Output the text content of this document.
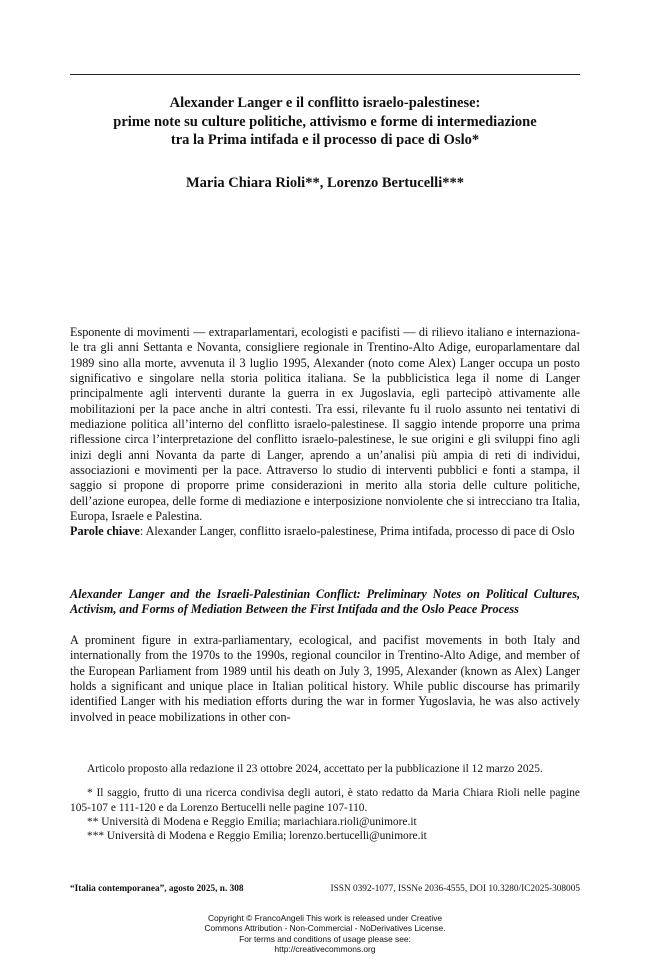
Alexander Langer e il conflitto israelo-palestinese:
prime note su culture politiche, attivismo e forme di intermediazione
tra la Prima intifada e il processo di pace di Oslo*
Maria Chiara Rioli**, Lorenzo Bertucelli***

Esponente di movimenti — extraparlamentari, ecologisti e pacifisti — di rilievo italiano e internazionale tra gli anni Settanta e Novanta, consigliere regionale in Trentino-Alto Adige, europarlamentare dal 1989 sino alla morte, avvenuta il 3 luglio 1995, Alexander (noto come Alex) Langer occupa un posto significativo e singolare nella storia politica italiana. Se la pubblicistica lega il nome di Langer principalmente agli interventi durante la guerra in ex Jugoslavia, egli partecipò attivamente alle mobilitazioni per la pace anche in altri contesti. Tra essi, rilevante fu il ruolo assunto nei tentativi di mediazione politica all’interno del conflitto israelo-palestinese. Il saggio intende proporre una prima riflessione circa l’interpretazione del conflitto israelo-palestinese, le sue origini e gli sviluppi fino agli inizi degli anni Novanta da parte di Langer, aprendo a un’analisi più ampia di reti di individui, associazioni e movimenti per la pace. Attraverso lo studio di interventi pubblici e fonti a stampa, il saggio si propone di proporre prime considerazioni in merito alla storia delle culture politiche, dell’azione europea, delle forme di mediazione e interposizione nonviolente che si intrecciano tra Italia, Europa, Israele e Palestina.

Parole chiave: Alexander Langer, conflitto israelo-palestinese, Prima intifada, processo di pace di Oslo

Alexander Langer and the Israeli-Palestinian Conflict: Preliminary Notes on Political Cultures, Activism, and Forms of Mediation Between the First Intifada and the Oslo Peace Process
A prominent figure in extra-parliamentary, ecological, and pacifist movements in both Italy and internationally from the 1970s to the 1990s, regional councilor in Trentino-Alto Adige, and member of the European Parliament from 1989 until his death on July 3, 1995, Alexander (known as Alex) Langer holds a significant and unique place in Italian political history. While public discourse has primarily identified Langer with his mediation efforts during the war in former Yugoslavia, he was also actively involved in peace mobilizations in other con-

Articolo proposto alla redazione il 23 ottobre 2024, accettato per la pubblicazione il 12 marzo 2025.

* Il saggio, frutto di una ricerca condivisa degli autori, è stato redatto da Maria Chiara Rioli nelle pagine 105-107 e 111-120 e da Lorenzo Bertucelli nelle pagine 107-110.

** Università di Modena e Reggio Emilia; mariachiara.rioli@unimore.it

*** Università di Modena e Reggio Emilia; lorenzo.bertucelli@unimore.it

“Italia contemporanea”, agosto 2025, n. 308	ISSN 0392-1077, ISSNe 2036-4555, DOI 10.3280/IC2025-308005
Copyright © FrancoAngeli This work is released under Creative
Commons Attribution - Non-Commercial - NoDerivatives License.
For terms and conditions of usage please see:
http://creativecommons.org
